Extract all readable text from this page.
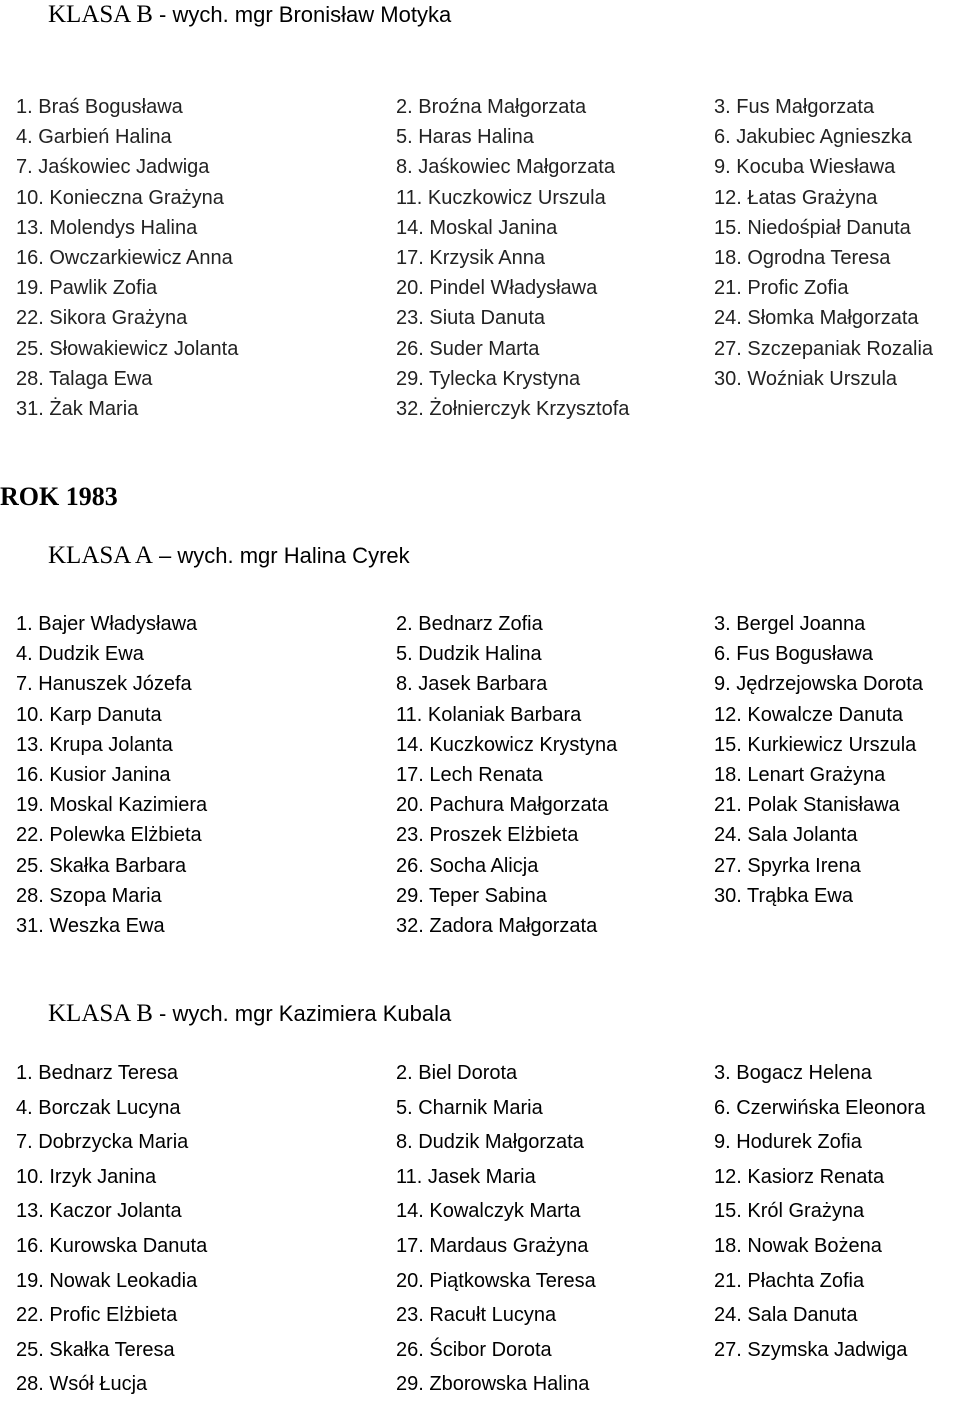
KLASA B - wych. mgr Bronisław Motyka
1. Braś Bogusława
4. Garbień Halina
7. Jaśkowiec Jadwiga
10. Konieczna Grażyna
13. Molendys Halina
16. Owczarkiewicz Anna
19. Pawlik Zofia
22. Sikora Grażyna
25. Słowakiewicz Jolanta
28. Talaga Ewa
31. Żak Maria
2. Broźna Małgorzata
5. Haras Halina
8. Jaśkowiec Małgorzata
11. Kuczkowicz Urszula
14. Moskal Janina
17. Krzysik Anna
20. Pindel Władysława
23. Siuta Danuta
26. Suder Marta
29. Tylecka Krystyna
32. Żołnierczyk Krzysztofa
3. Fus Małgorzata
6. Jakubiec Agnieszka
9. Kocuba Wiesława
12. Łatas Grażyna
15. Niedośpiał Danuta
18. Ogrodna Teresa
21. Profic Zofia
24. Słomka Małgorzata
27. Szczepaniak Rozalia
30. Woźniak Urszula
ROK 1983
KLASA A – wych. mgr Halina Cyrek
1. Bajer Władysława
4. Dudzik Ewa
7. Hanuszek Józefa
10. Karp Danuta
13. Krupa Jolanta
16. Kusior Janina
19. Moskal Kazimiera
22. Polewka Elżbieta
25. Skałka Barbara
28. Szopa Maria
31. Weszka Ewa
2. Bednarz Zofia
5. Dudzik Halina
8. Jasek Barbara
11. Kolaniak Barbara
14. Kuczkowicz Krystyna
17. Lech Renata
20. Pachura Małgorzata
23. Proszek Elżbieta
26. Socha Alicja
29. Teper Sabina
32. Zadora Małgorzata
3. Bergel Joanna
6. Fus Bogusława
9. Jędrzejowska Dorota
12. Kowalcze Danuta
15. Kurkiewicz Urszula
18. Lenart Grażyna
21. Polak Stanisława
24. Sala Jolanta
27. Spyrka Irena
30. Trąbka Ewa
KLASA B - wych. mgr Kazimiera Kubala
1. Bednarz Teresa
4. Borczak Lucyna
7. Dobrzycka Maria
10. Irzyk Janina
13. Kaczor Jolanta
16. Kurowska Danuta
19. Nowak Leokadia
22. Profic Elżbieta
25. Skałka Teresa
28. Wsół Łucja
2. Biel Dorota
5. Charnik Maria
8. Dudzik Małgorzata
11. Jasek Maria
14. Kowalczyk Marta
17. Mardaus Grażyna
20. Piątkowska Teresa
23. Racułt Lucyna
26. Ścibor Dorota
29. Zborowska Halina
3. Bogacz Helena
6. Czerwińska Eleonora
9. Hodurek Zofia
12. Kasiorz Renata
15. Król Grażyna
18. Nowak Bożena
21. Płachta Zofia
24. Sala Danuta
27. Szymska Jadwiga
